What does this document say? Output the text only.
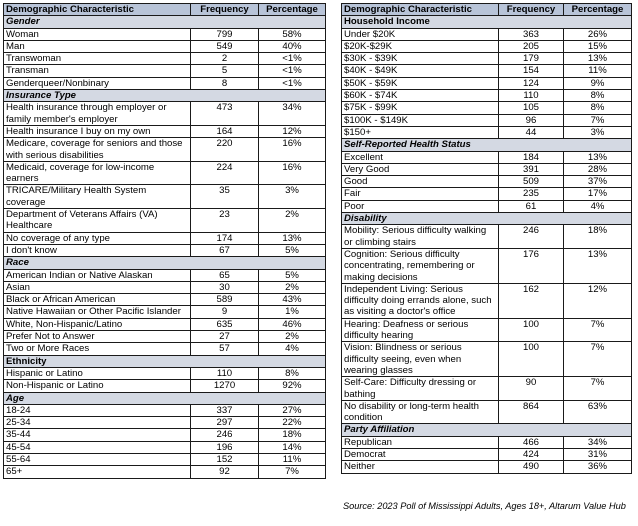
Demographic Characteristic	Frequency	Percentage
Gender		
Woman	799	58%
Man	549	40%
Transwoman	2	<1%
Transman	5	<1%
Genderqueer/Nonbinary	8	<1%
Insurance Type		
Health insurance through employer or family member's employer	473	34%
Health insurance I buy on my own	164	12%
Medicare, coverage for seniors and those with serious disabilities	220	16%
Medicaid, coverage for low-income earners	224	16%
TRICARE/Military Health System coverage	35	3%
Department of Veterans Affairs (VA) Healthcare	23	2%
No coverage of any type	174	13%
I don't know	67	5%
Race		
American Indian or Native Alaskan	65	5%
Asian	30	2%
Black or African American	589	43%
Native Hawaiian or Other Pacific Islander	9	1%
White, Non-Hispanic/Latino	635	46%
Prefer Not to Answer	27	2%
Two or More Races	57	4%
Ethnicity		
Hispanic or Latino	110	8%
Non-Hispanic or Latino	1270	92%
Age		
18-24	337	27%
25-34	297	22%
35-44	246	18%
45-54	196	14%
55-64	152	11%
65+	92	7%
Demographic Characteristic	Frequency	Percentage
Household Income		
Under $20K	363	26%
$20K-$29K	205	15%
$30K - $39K	179	13%
$40K - $49K	154	11%
$50K - $59K	124	9%
$60K - $74K	110	8%
$75K - $99K	105	8%
$100K - $149K	96	7%
$150+	44	3%
Self-Reported Health Status		
Excellent	184	13%
Very Good	391	28%
Good	509	37%
Fair	235	17%
Poor	61	4%
Disability		
Mobility: Serious difficulty walking or climbing stairs	246	18%
Cognition: Serious difficulty concentrating, remembering or making decisions	176	13%
Independent Living: Serious difficulty doing errands alone, such as visiting a doctor's office	162	12%
Hearing: Deafness or serious difficulty hearing	100	7%
Vision: Blindness or serious difficulty seeing, even when wearing glasses	100	7%
Self-Care: Difficulty dressing or bathing	90	7%
No disability or long-term health condition	864	63%
Party Affiliation		
Republican	466	34%
Democrat	424	31%
Neither	490	36%
Source: 2023 Poll of Mississippi Adults, Ages 18+, Altarum Value Hub
